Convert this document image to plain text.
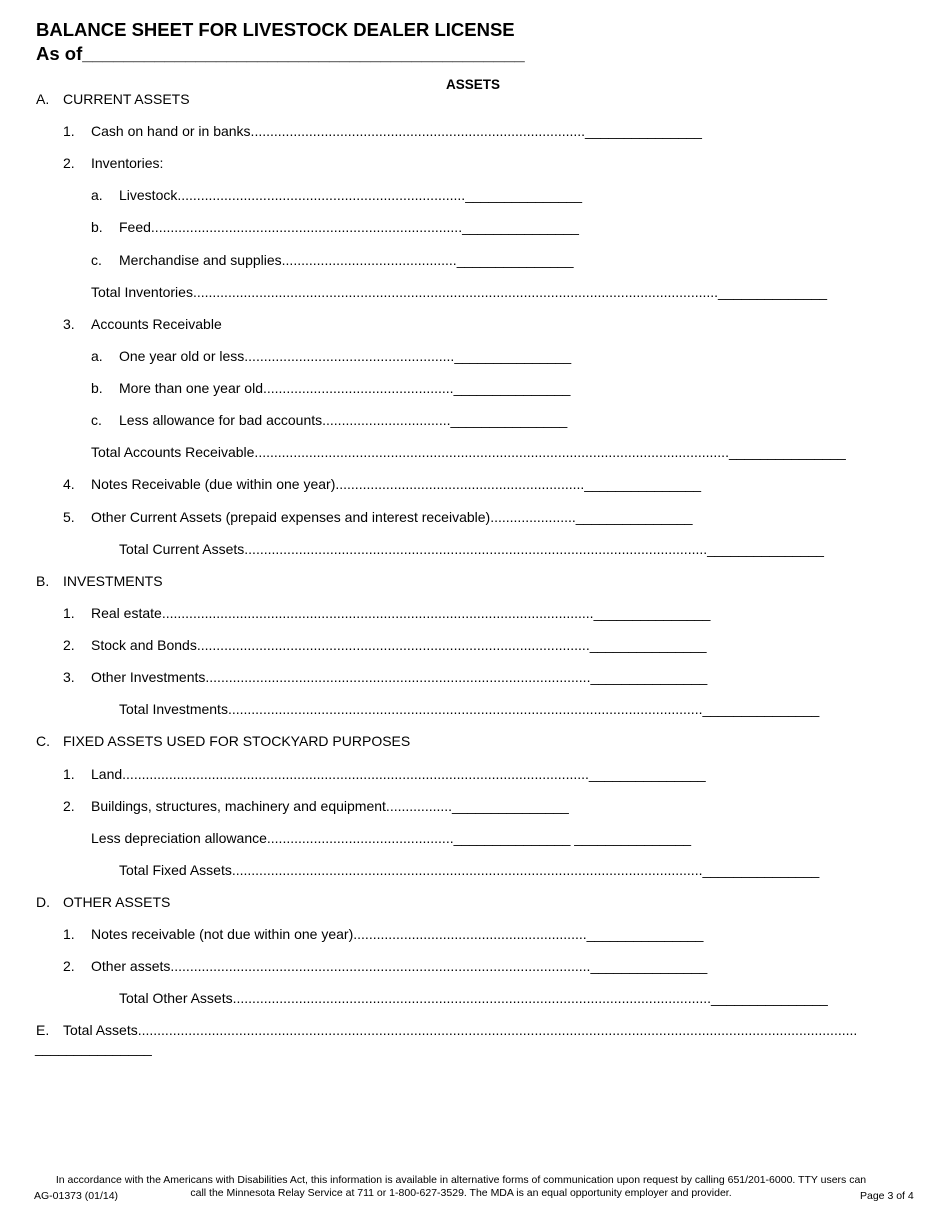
BALANCE SHEET FOR LIVESTOCK DEALER LICENSE
As of___________________________________________
ASSETS
A. CURRENT ASSETS
1. Cash on hand or in banks......................................................................................_______________
2. Inventories:
a. Livestock.........................................................................._______________
b. Feed................................................................................_______________
c. Merchandise and supplies............................................._______________
Total Inventories.......................................................................................................................................______________
3. Accounts Receivable
a. One year old or less......................................................_______________
b. More than one year old................................................._______________
c. Less allowance for bad accounts................................._______________
Total Accounts Receivable.........................................................................................................................._______________
4. Notes Receivable (due within one year)................................................................_______________
5. Other Current Assets (prepaid expenses and interest receivable)......................_______________
Total Current Assets......................................................................................................................._______________
B. INVESTMENTS
1. Real estate..............................................................................................................._______________
2. Stock and Bonds....................................................................................................._______________
3. Other Investments..................................................................................................._______________
Total Investments.........................................................................................................................._______________
C. FIXED ASSETS USED FOR STOCKYARD PURPOSES
1. Land........................................................................................................................_______________
2. Buildings, structures, machinery and equipment................._______________
Less depreciation allowance................................................_______________ _______________
Total Fixed Assets........................................................................................................................._______________
D. OTHER ASSETS
1. Notes receivable (not due within one year)............................................................_______________
2. Other assets............................................................................................................_______________
Total Other Assets..........................................................................................................................._______________
E. Total Assets.........................................................................................................................................................................................
_______________
In accordance with the Americans with Disabilities Act, this information is available in alternative forms of communication upon request by calling 651/201-6000. TTY users can
call the Minnesota Relay Service at 711 or 1-800-627-3529. The MDA is an equal opportunity employer and provider.
AG-01373 (01/14)	Page 3 of 4
